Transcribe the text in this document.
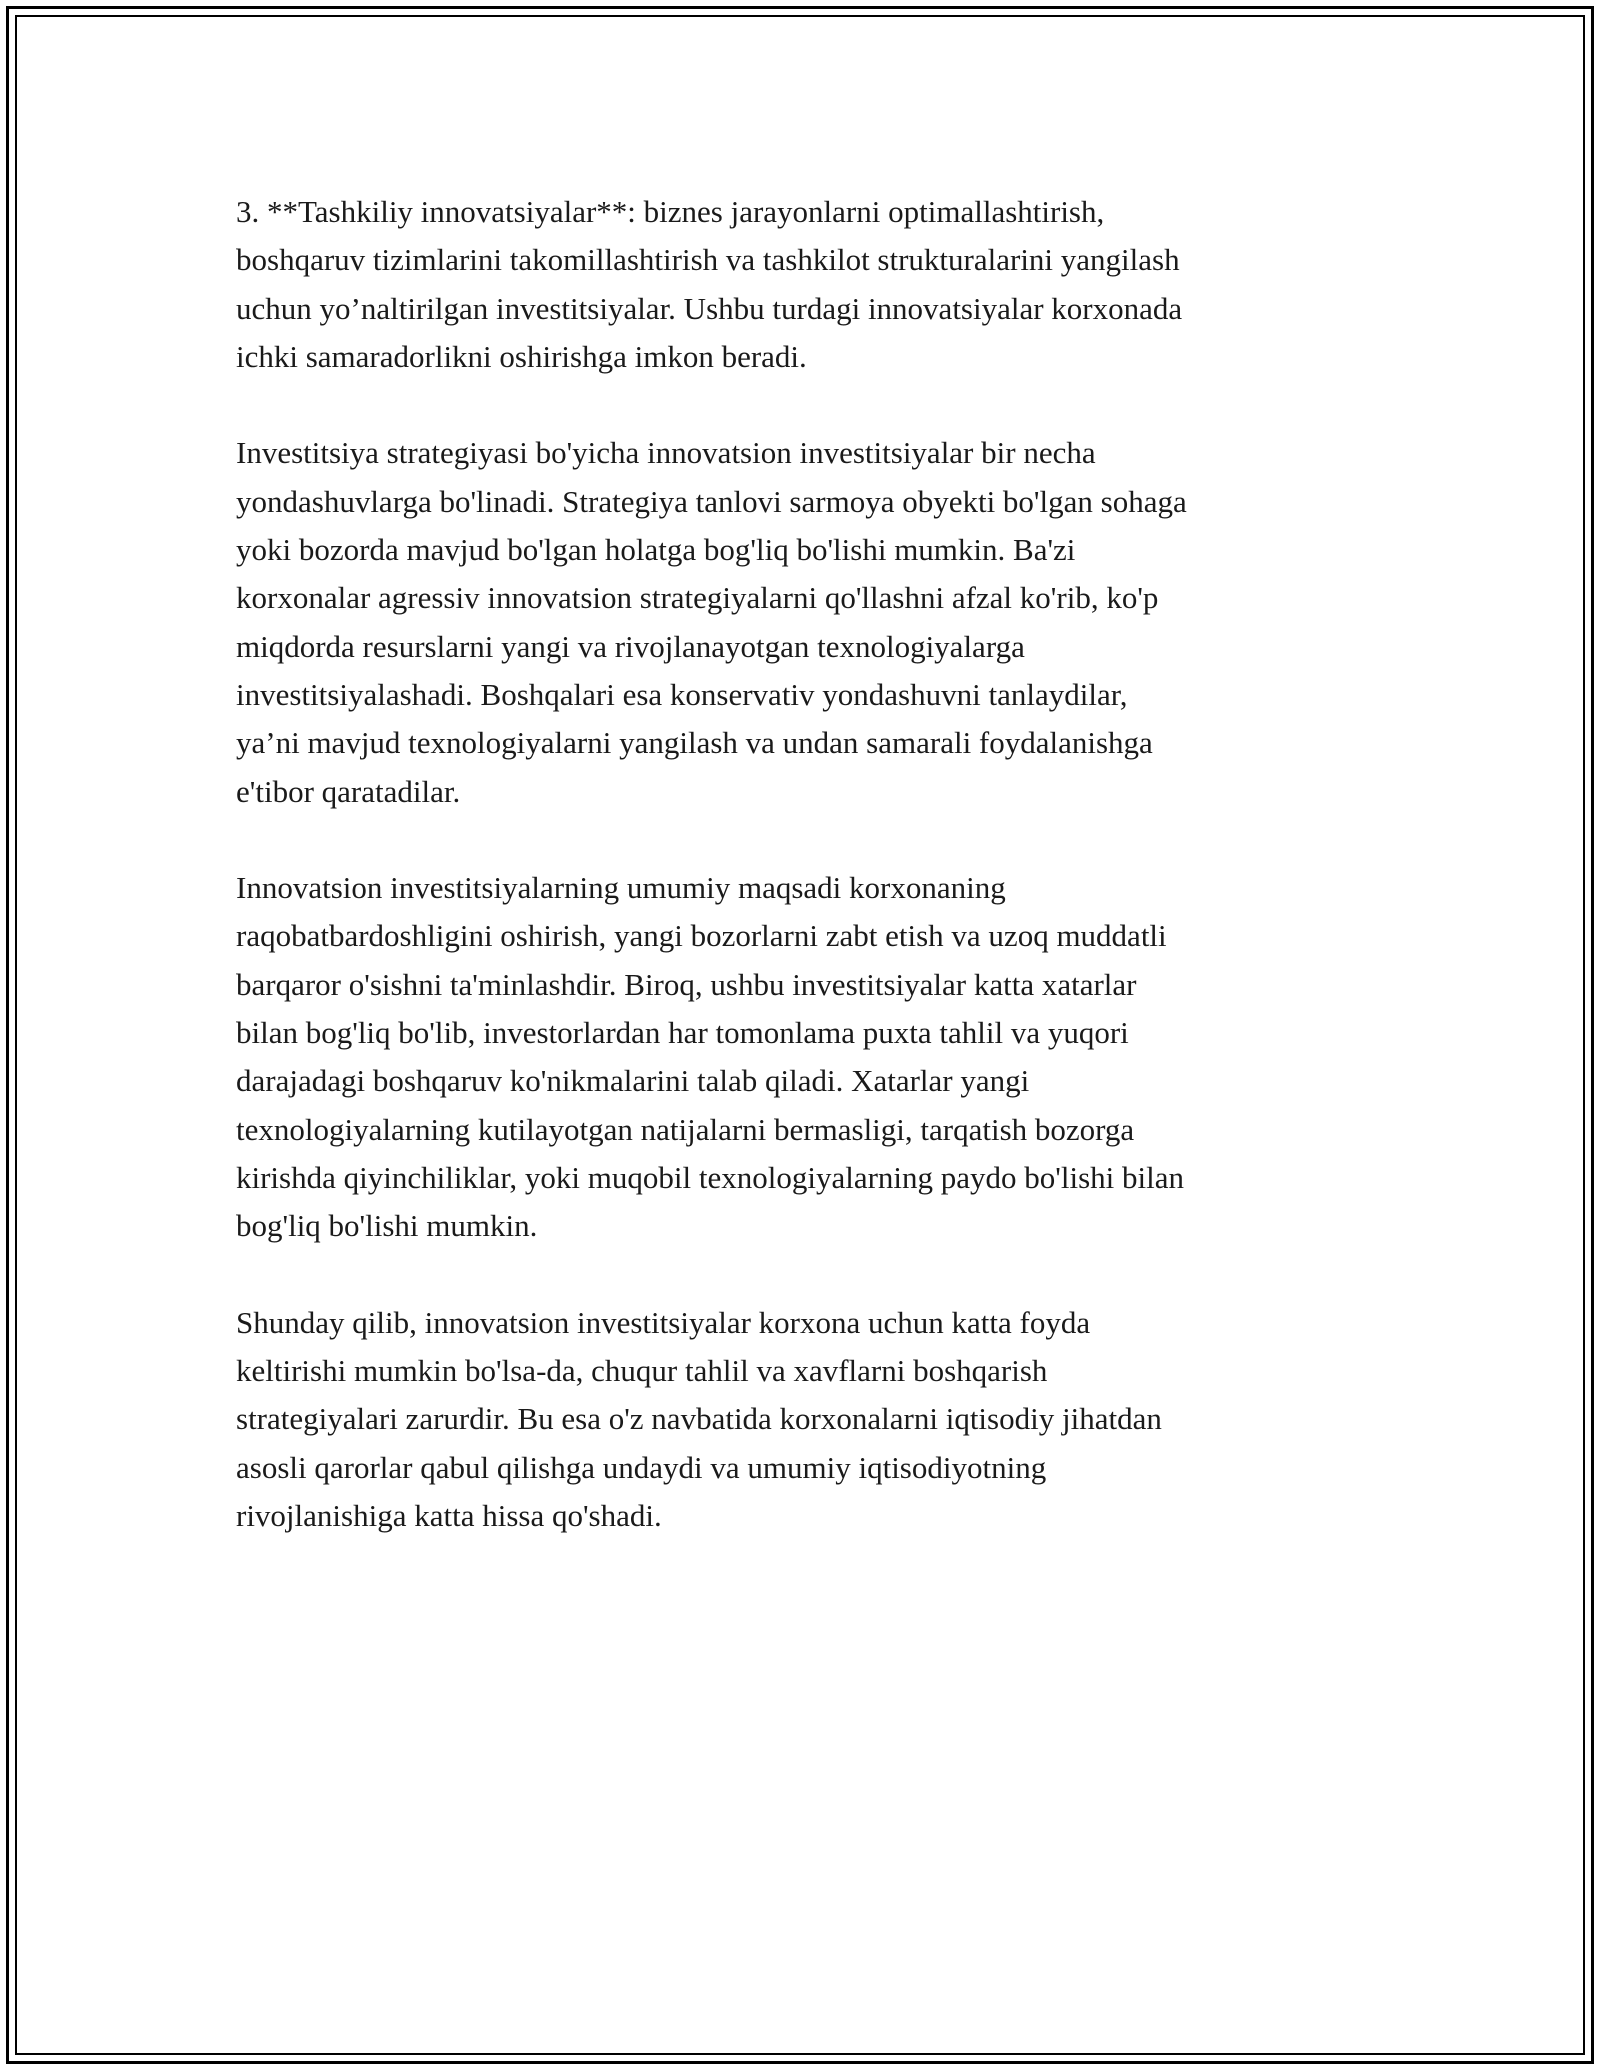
3. **Tashkiliy innovatsiyalar**: biznes jarayonlarni optimallashtirish,
boshqaruv tizimlarini takomillashtirish va tashkilot strukturalarini yangilash
uchun yo’naltirilgan investitsiyalar. Ushbu turdagi innovatsiyalar korxonada
ichki samaradorlikni oshirishga imkon beradi.

Investitsiya strategiyasi bo'yicha innovatsion investitsiyalar bir necha
yondashuvlarga bo'linadi. Strategiya tanlovi sarmoya obyekti bo'lgan sohaga
yoki bozorda mavjud bo'lgan holatga bog'liq bo'lishi mumkin. Ba'zi
korxonalar agressiv innovatsion strategiyalarni qo'llashni afzal ko'rib, ko'p
miqdorda resurslarni yangi va rivojlanayotgan texnologiyalarga
investitsiyalashadi. Boshqalari esa konservativ yondashuvni tanlaydilar,
ya’ni mavjud texnologiyalarni yangilash va undan samarali foydalanishga
e'tibor qaratadilar.

Innovatsion investitsiyalarning umumiy maqsadi korxonaning
raqobatbardoshligini oshirish, yangi bozorlarni zabt etish va uzoq muddatli
barqaror o'sishni ta'minlashdir. Biroq, ushbu investitsiyalar katta xatarlar
bilan bog'liq bo'lib, investorlardan har tomonlama puxta tahlil va yuqori
darajadagi boshqaruv ko'nikmalarini talab qiladi. Xatarlar yangi
texnologiyalarning kutilayotgan natijalarni bermasligi, tarqatish bozorga
kirishda qiyinchiliklar, yoki muqobil texnologiyalarning paydo bo'lishi bilan
bog'liq bo'lishi mumkin.

Shunday qilib, innovatsion investitsiyalar korxona uchun katta foyda
keltirishi mumkin bo'lsa-da, chuqur tahlil va xavflarni boshqarish
strategiyalari zarurdir. Bu esa o'z navbatida korxonalarni iqtisodiy jihatdan
asosli qarorlar qabul qilishga undaydi va umumiy iqtisodiyotning
rivojlanishiga katta hissa qo'shadi.
